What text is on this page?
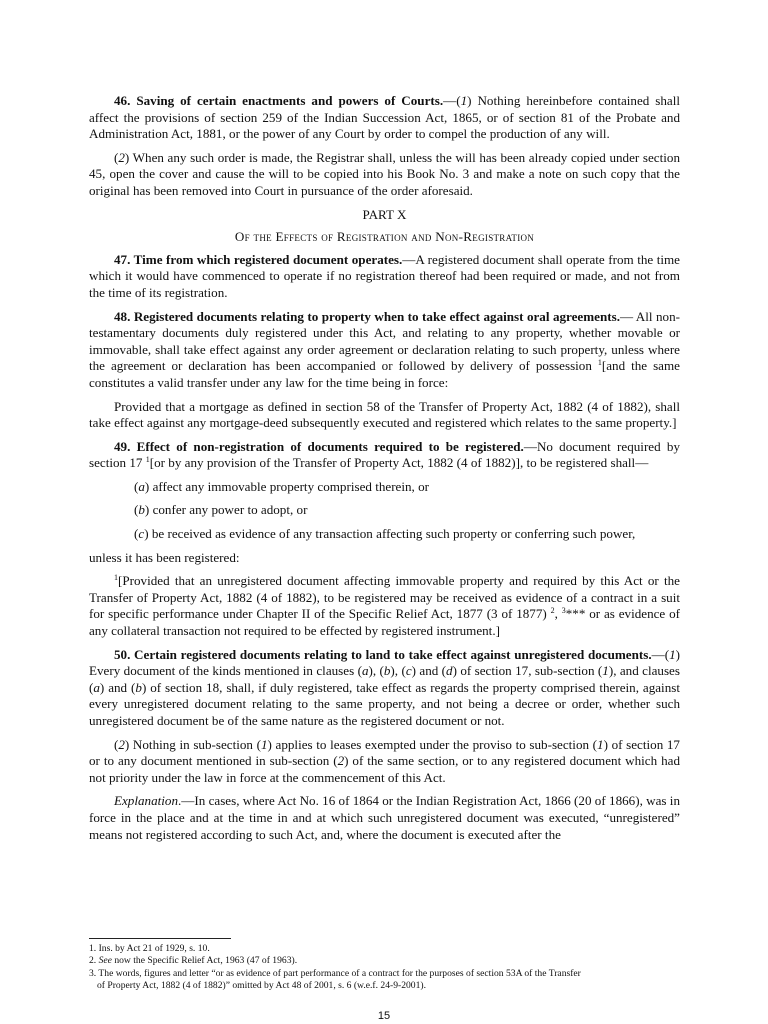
46. Saving of certain enactments and powers of Courts.—(1) Nothing hereinbefore contained shall affect the provisions of section 259 of the Indian Succession Act, 1865, or of section 81 of the Probate and Administration Act, 1881, or the power of any Court by order to compel the production of any will.

(2) When any such order is made, the Registrar shall, unless the will has been already copied under section 45, open the cover and cause the will to be copied into his Book No. 3 and make a note on such copy that the original has been removed into Court in pursuance of the order aforesaid.

PART X

Of the Effects of Registration and Non-Registration

47. Time from which registered document operates.—A registered document shall operate from the time which it would have commenced to operate if no registration thereof had been required or made, and not from the time of its registration.

48. Registered documents relating to property when to take effect against oral agreements.— All non-testamentary documents duly registered under this Act, and relating to any property, whether movable or immovable, shall take effect against any order agreement or declaration relating to such property, unless where the agreement or declaration has been accompanied or followed by delivery of possession $^1$[and the same constitutes a valid transfer under any law for the time being in force:

Provided that a mortgage as defined in section 58 of the Transfer of Property Act, 1882 (4 of 1882), shall take effect against any mortgage-deed subsequently executed and registered which relates to the same property.]

49. Effect of non-registration of documents required to be registered.—No document required by section 17 $^1$[or by any provision of the Transfer of Property Act, 1882 (4 of 1882)], to be registered shall—

(a) affect any immovable property comprised therein, or

(b) confer any power to adopt, or

(c) be received as evidence of any transaction affecting such property or conferring such power,

unless it has been registered:

$^1$[Provided that an unregistered document affecting immovable property and required by this Act or the Transfer of Property Act, 1882 (4 of 1882), to be registered may be received as evidence of a contract in a suit for specific performance under Chapter II of the Specific Relief Act, 1877 (3 of 1877) $^2$, $^3$*** or as evidence of any collateral transaction not required to be effected by registered instrument.]

50. Certain registered documents relating to land to take effect against unregistered documents.—(1) Every document of the kinds mentioned in clauses (a), (b), (c) and (d) of section 17, sub-section (1), and clauses (a) and (b) of section 18, shall, if duly registered, take effect as regards the property comprised therein, against every unregistered document relating to the same property, and not being a decree or order, whether such unregistered document be of the same nature as the registered document or not.

(2) Nothing in sub-section (1) applies to leases exempted under the proviso to sub-section (1) of section 17 or to any document mentioned in sub-section (2) of the same section, or to any registered document which had not priority under the law in force at the commencement of this Act.

Explanation.—In cases, where Act No. 16 of 1864 or the Indian Registration Act, 1866 (20 of 1866), was in force in the place and at the time in and at which such unregistered document was executed, “unregistered” means not registered according to such Act, and, where the document is executed after the

1. Ins. by Act 21 of 1929, s. 10.
2. See now the Specific Relief Act, 1963 (47 of 1963).
3. The words, figures and letter “or as evidence of part performance of a contract for the purposes of section 53A of the Transfer
of Property Act, 1882 (4 of 1882)” omitted by Act 48 of 2001, s. 6 (w.e.f. 24-9-2001).
15
